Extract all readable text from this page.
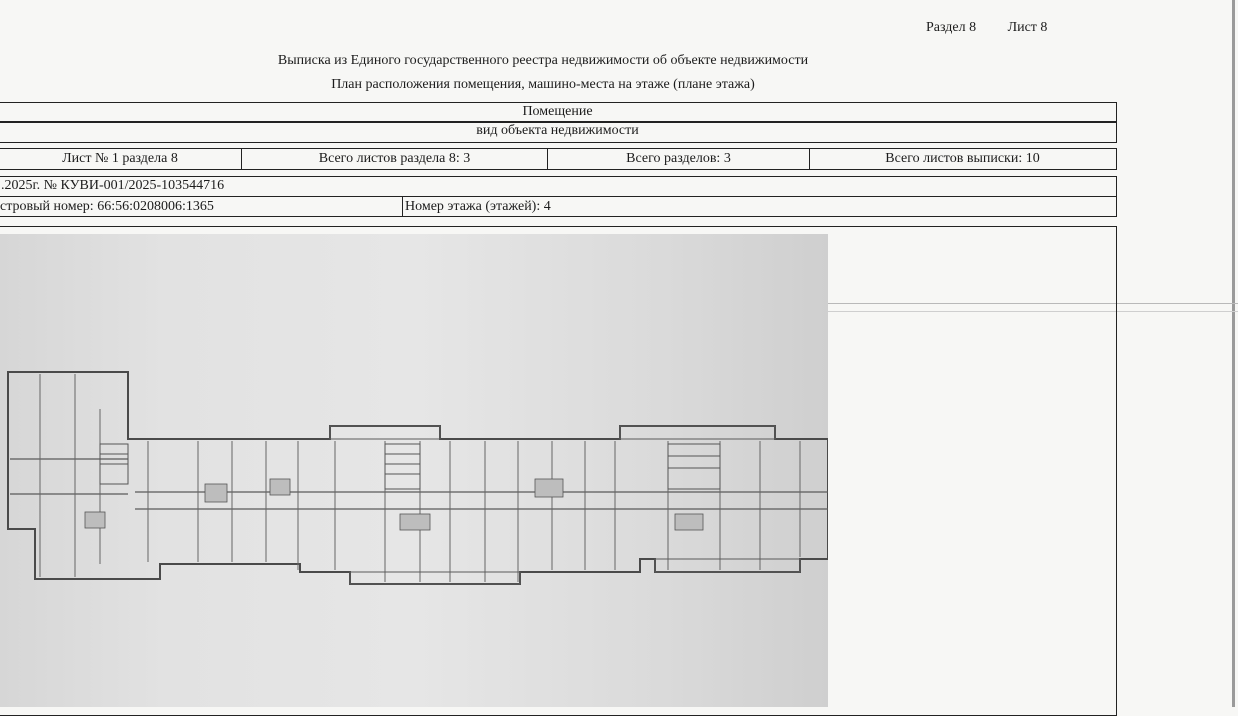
Раздел 8 Лист 8
Выписка из Единого государственного реестра недвижимости об объекте недвижимости
План расположения помещения, машино-места на этаже (плане этажа)
Помещение
вид объекта недвижимости
Лист № 1 раздела 8	Всего листов раздела 8: 3	Всего разделов: 3	Всего листов выписки: 10
.2025г. № КУВИ-001/2025-103544716
стровый номер: 66:56:0208006:1365	Номер этажа (этажей): 4
